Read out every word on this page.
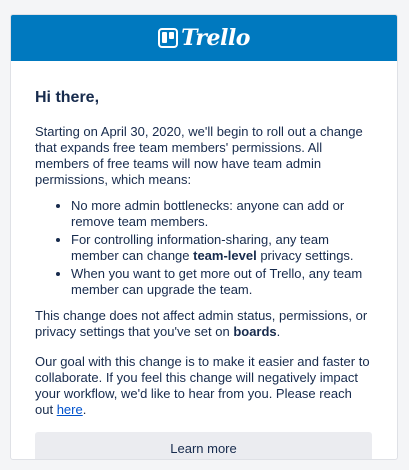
Trello
Hi there,

Starting on April 30, 2020, we'll begin to roll out a change that expands free team members' permissions. All members of free teams will now have team admin permissions, which means:

• No more admin bottlenecks: anyone can add or remove team members.
• For controlling information-sharing, any team member can change team-level privacy settings.
• When you want to get more out of Trello, any team member can upgrade the team.

This change does not affect admin status, permissions, or privacy settings that you've set on boards.

Our goal with this change is to make it easier and faster to collaborate. If you feel this change will negatively impact your workflow, we'd like to hear from you. Please reach out here.

Learn more
